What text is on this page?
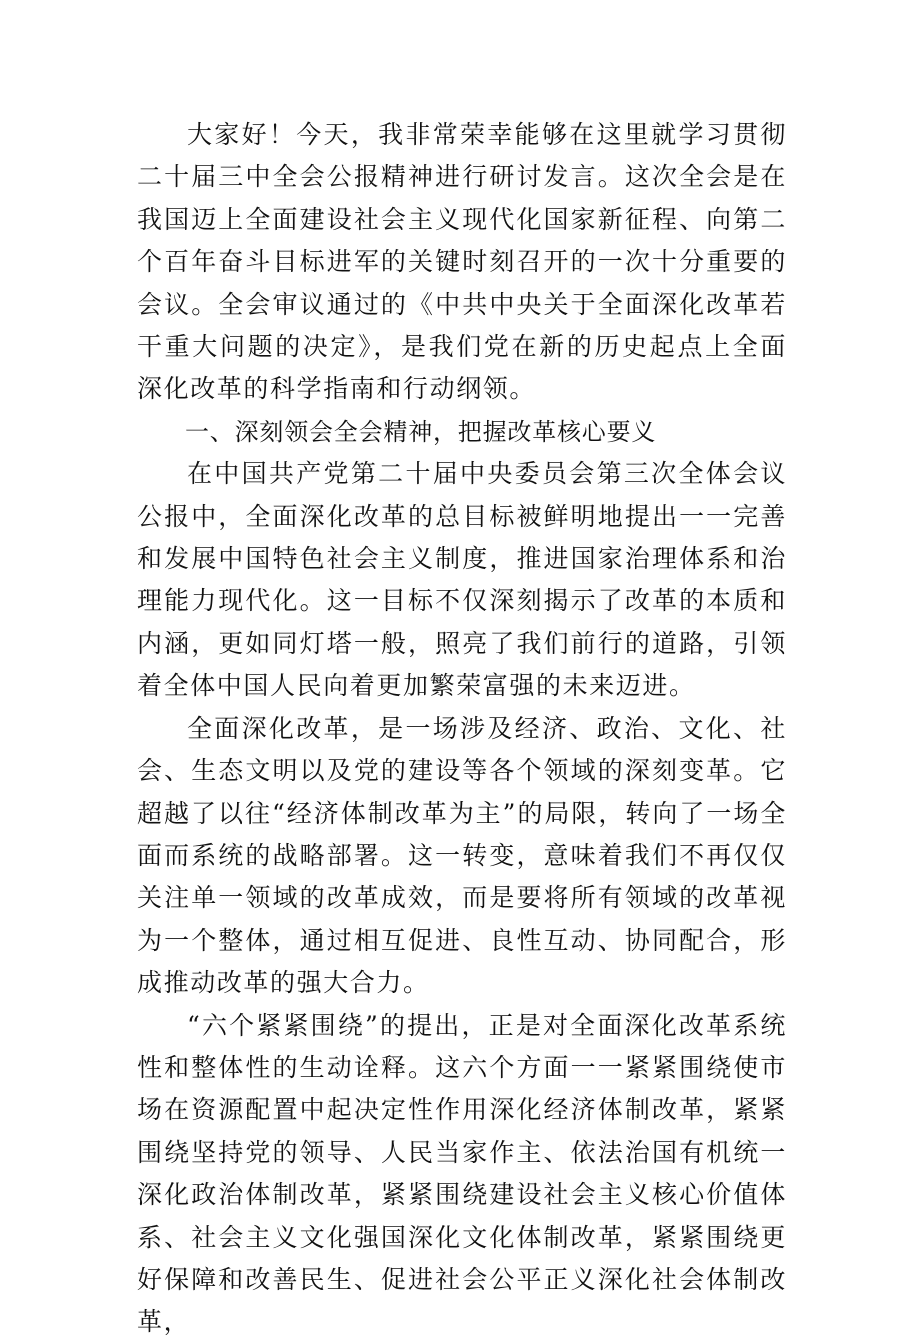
大家好！今天，我非常荣幸能够在这里就学习贯彻二十届三中全会公报精神进行研讨发言。这次全会是在我国迈上全面建设社会主义现代化国家新征程、向第二个百年奋斗目标进军的关键时刻召开的一次十分重要的会议。全会审议通过的《中共中央关于全面深化改革若干重大问题的决定》，是我们党在新的历史起点上全面深化改革的科学指南和行动纲领。

一、深刻领会全会精神，把握改革核心要义

在中国共产党第二十届中央委员会第三次全体会议公报中，全面深化改革的总目标被鲜明地提出一一完善和发展中国特色社会主义制度，推进国家治理体系和治理能力现代化。这一目标不仅深刻揭示了改革的本质和内涵，更如同灯塔一般，照亮了我们前行的道路，引领着全体中国人民向着更加繁荣富强的未来迈进。

全面深化改革，是一场涉及经济、政治、文化、社会、生态文明以及党的建设等各个领域的深刻变革。它超越了以往“经济体制改革为主”的局限，转向了一场全面而系统的战略部署。这一转变，意味着我们不再仅仅关注单一领域的改革成效，而是要将所有领域的改革视为一个整体，通过相互促进、良性互动、协同配合，形成推动改革的强大合力。

“六个紧紧围绕”的提出，正是对全面深化改革系统性和整体性的生动诠释。这六个方面一一紧紧围绕使市场在资源配置中起决定性作用深化经济体制改革，紧紧围绕坚持党的领导、人民当家作主、依法治国有机统一深化政治体制改革，紧紧围绕建设社会主义核心价值体系、社会主义文化强国深化文化体制改革，紧紧围绕更好保障和改善民生、促进社会公平正义深化社会体制改革，
